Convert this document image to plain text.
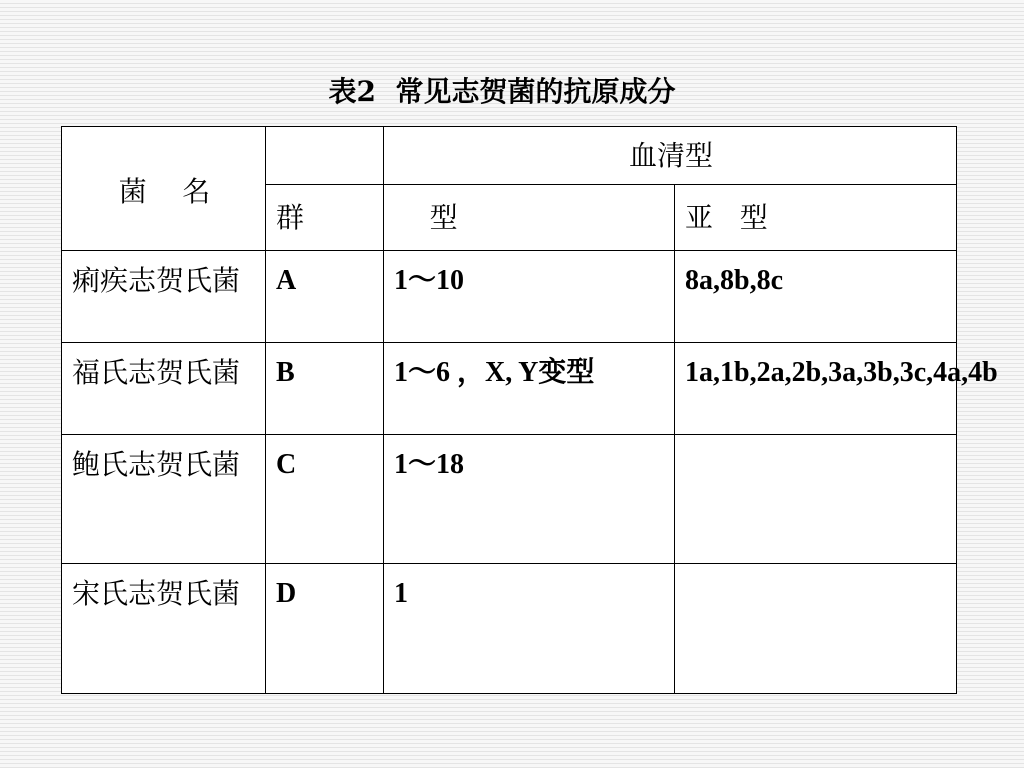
表2  常见志贺菌的抗原成分
菌    名		血清型	
	群	型	亚   型
痢疾志贺氏菌	A	1～10	8a,8b,8c
福氏志贺氏菌	B	1～6 ，X, Y变型	1a,1b,2a,2b,3a,3b,3c,4a,4b
鲍氏志贺氏菌	C	1～18	
宋氏志贺氏菌	D	1	
